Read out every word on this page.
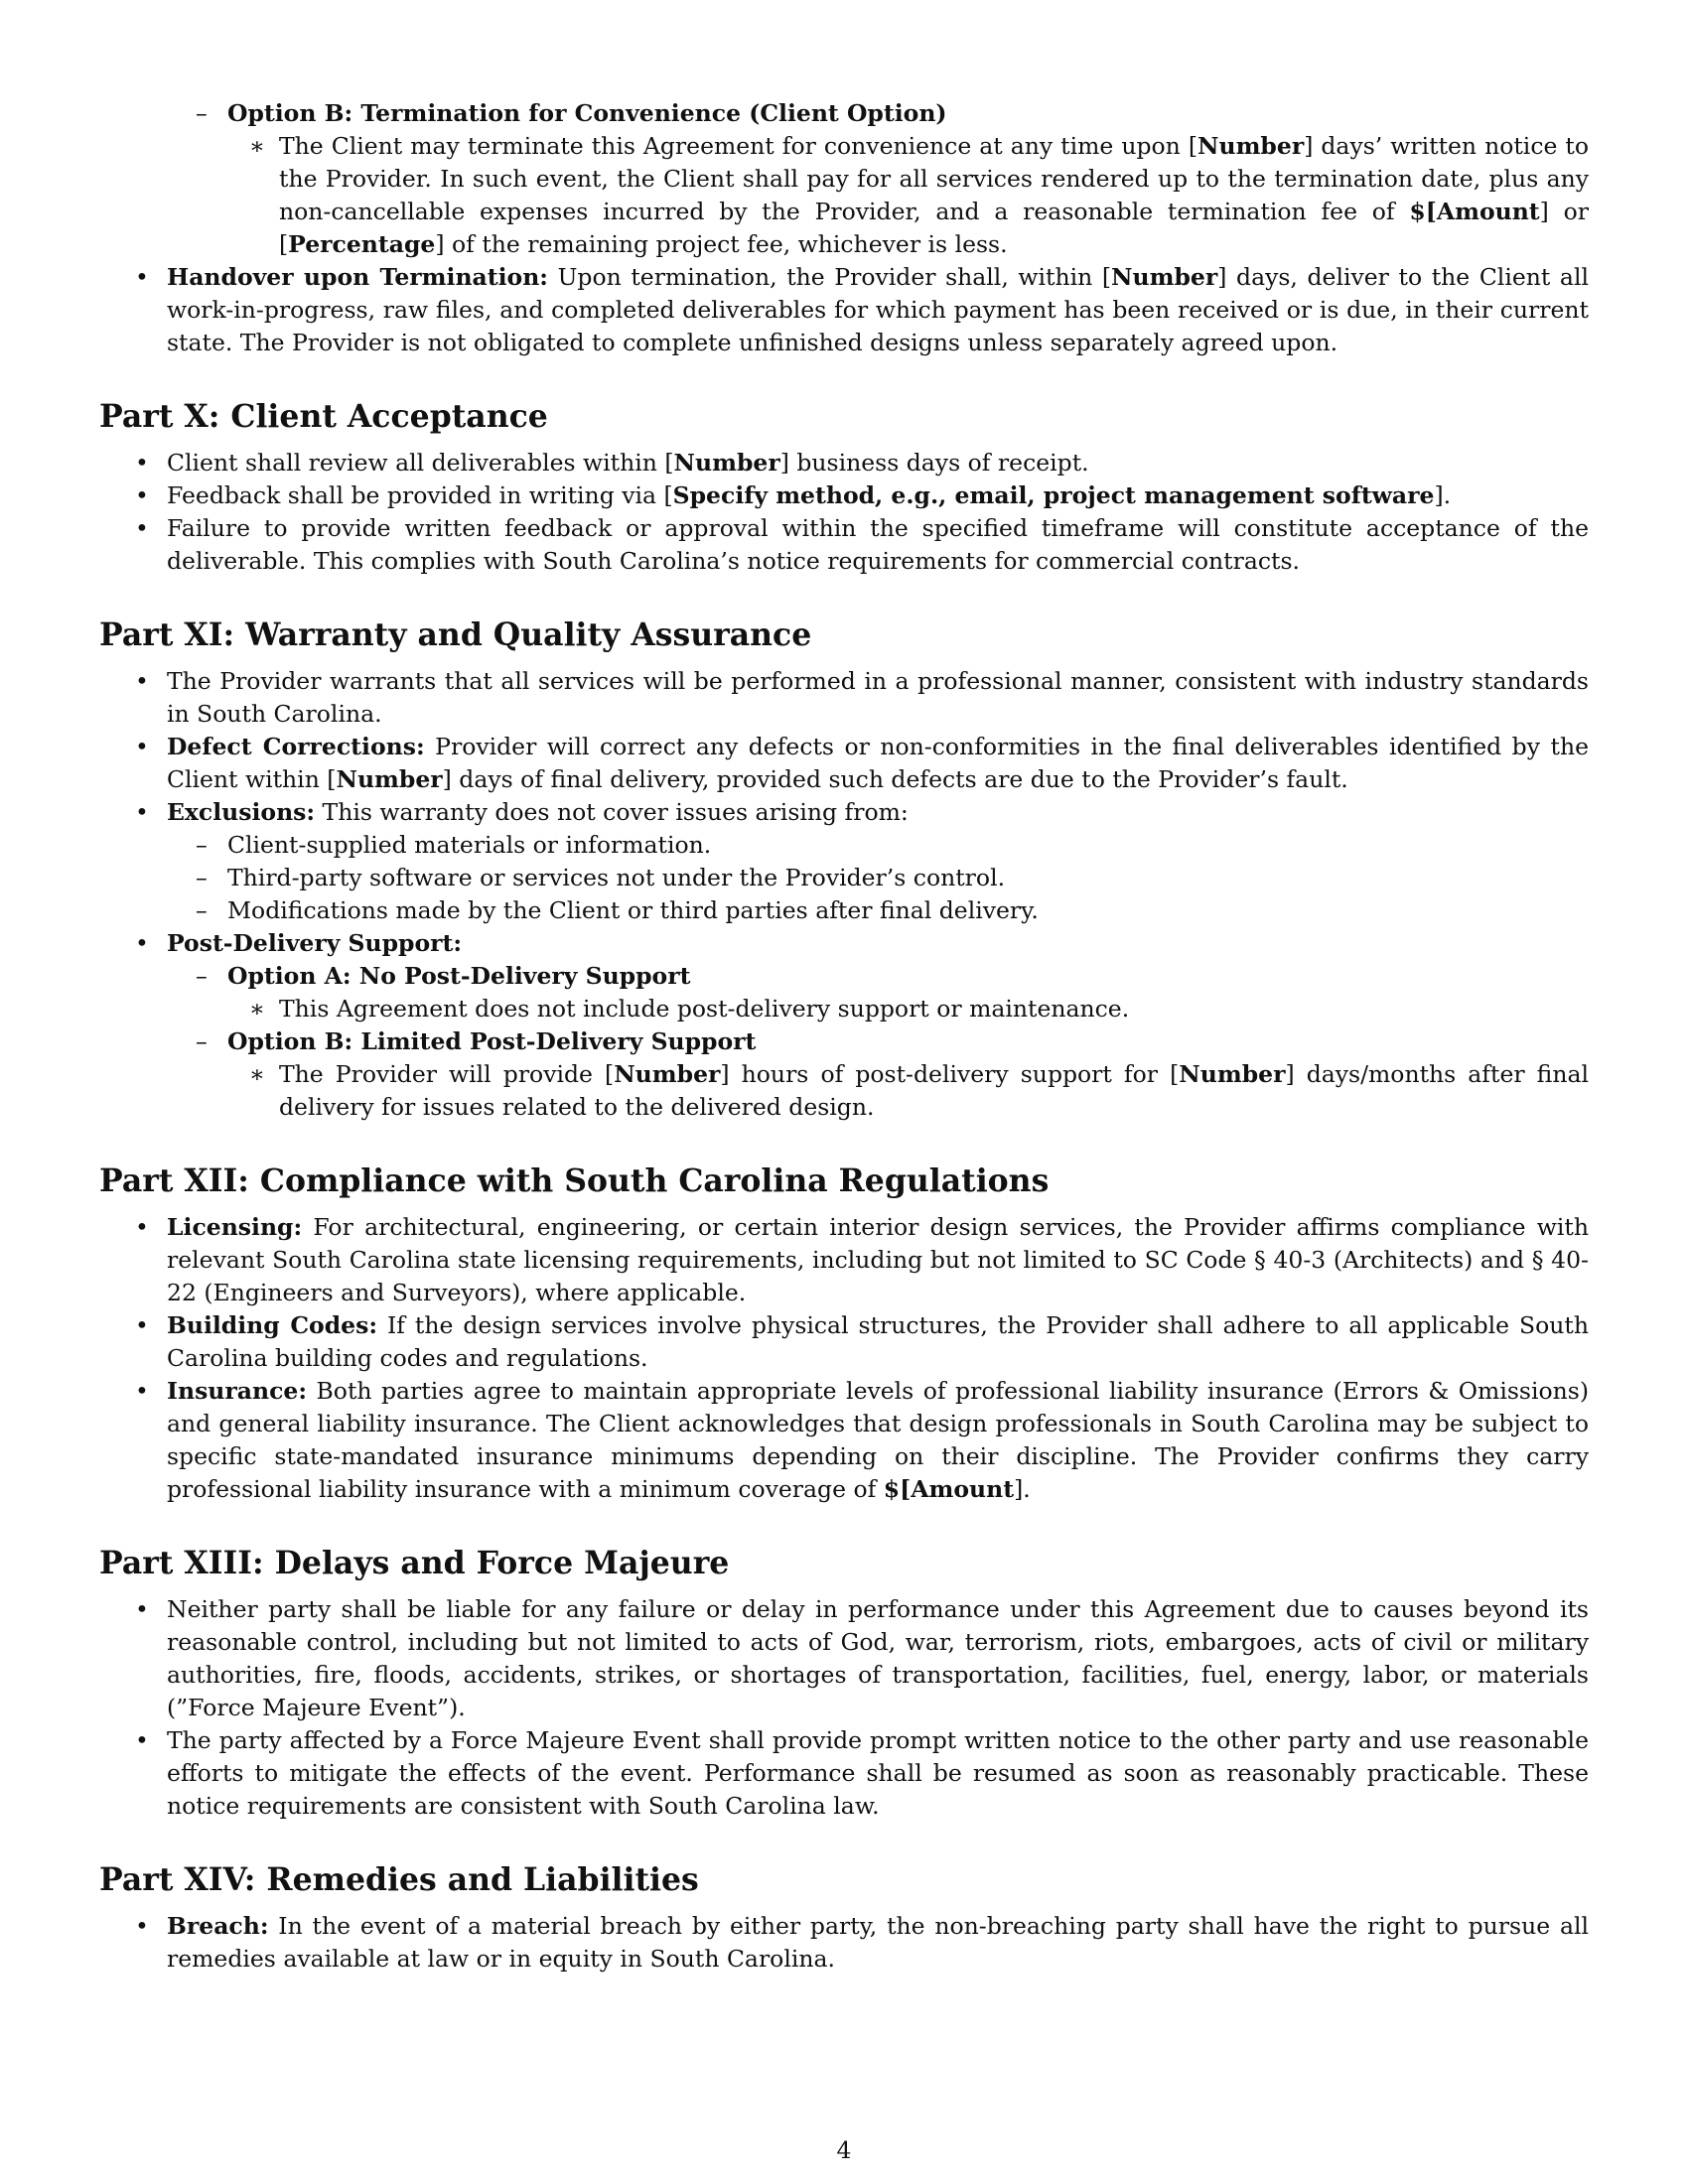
– Option B: Termination for Convenience (Client Option)
∗ The Client may terminate this Agreement for convenience at any time upon [Number] days’ written notice to the Provider. In such event, the Client shall pay for all services rendered up to the termination date, plus any non-cancellable expenses incurred by the Provider, and a reasonable termination fee of $[Amount] or [Percentage] of the remaining project fee, whichever is less.
• Handover upon Termination: Upon termination, the Provider shall, within [Number] days, deliver to the Client all work-in-progress, raw files, and completed deliverables for which payment has been received or is due, in their current state. The Provider is not obligated to complete unfinished designs unless separately agreed upon.
Part X: Client Acceptance
• Client shall review all deliverables within [Number] business days of receipt.
• Feedback shall be provided in writing via [Specify method, e.g., email, project management software].
• Failure to provide written feedback or approval within the specified timeframe will constitute acceptance of the deliverable. This complies with South Carolina’s notice requirements for commercial contracts.
Part XI: Warranty and Quality Assurance
• The Provider warrants that all services will be performed in a professional manner, consistent with industry standards in South Carolina.
• Defect Corrections: Provider will correct any defects or non-conformities in the final deliverables identified by the Client within [Number] days of final delivery, provided such defects are due to the Provider’s fault.
• Exclusions: This warranty does not cover issues arising from:
– Client-supplied materials or information.
– Third-party software or services not under the Provider’s control.
– Modifications made by the Client or third parties after final delivery.
• Post-Delivery Support:
– Option A: No Post-Delivery Support
∗ This Agreement does not include post-delivery support or maintenance.
– Option B: Limited Post-Delivery Support
∗ The Provider will provide [Number] hours of post-delivery support for [Number] days/months after final delivery for issues related to the delivered design.
Part XII: Compliance with South Carolina Regulations
• Licensing: For architectural, engineering, or certain interior design services, the Provider affirms compliance with relevant South Carolina state licensing requirements, including but not limited to SC Code § 40-3 (Architects) and § 40-22 (Engineers and Surveyors), where applicable.
• Building Codes: If the design services involve physical structures, the Provider shall adhere to all applicable South Carolina building codes and regulations.
• Insurance: Both parties agree to maintain appropriate levels of professional liability insurance (Errors & Omissions) and general liability insurance. The Client acknowledges that design professionals in South Carolina may be subject to specific state-mandated insurance minimums depending on their discipline. The Provider confirms they carry professional liability insurance with a minimum coverage of $[Amount].
Part XIII: Delays and Force Majeure
• Neither party shall be liable for any failure or delay in performance under this Agreement due to causes beyond its reasonable control, including but not limited to acts of God, war, terrorism, riots, embargoes, acts of civil or military authorities, fire, floods, accidents, strikes, or shortages of transportation, facilities, fuel, energy, labor, or materials (”Force Majeure Event”).
• The party affected by a Force Majeure Event shall provide prompt written notice to the other party and use reasonable efforts to mitigate the effects of the event. Performance shall be resumed as soon as reasonably practicable. These notice requirements are consistent with South Carolina law.
Part XIV: Remedies and Liabilities
• Breach: In the event of a material breach by either party, the non-breaching party shall have the right to pursue all remedies available at law or in equity in South Carolina.
4
